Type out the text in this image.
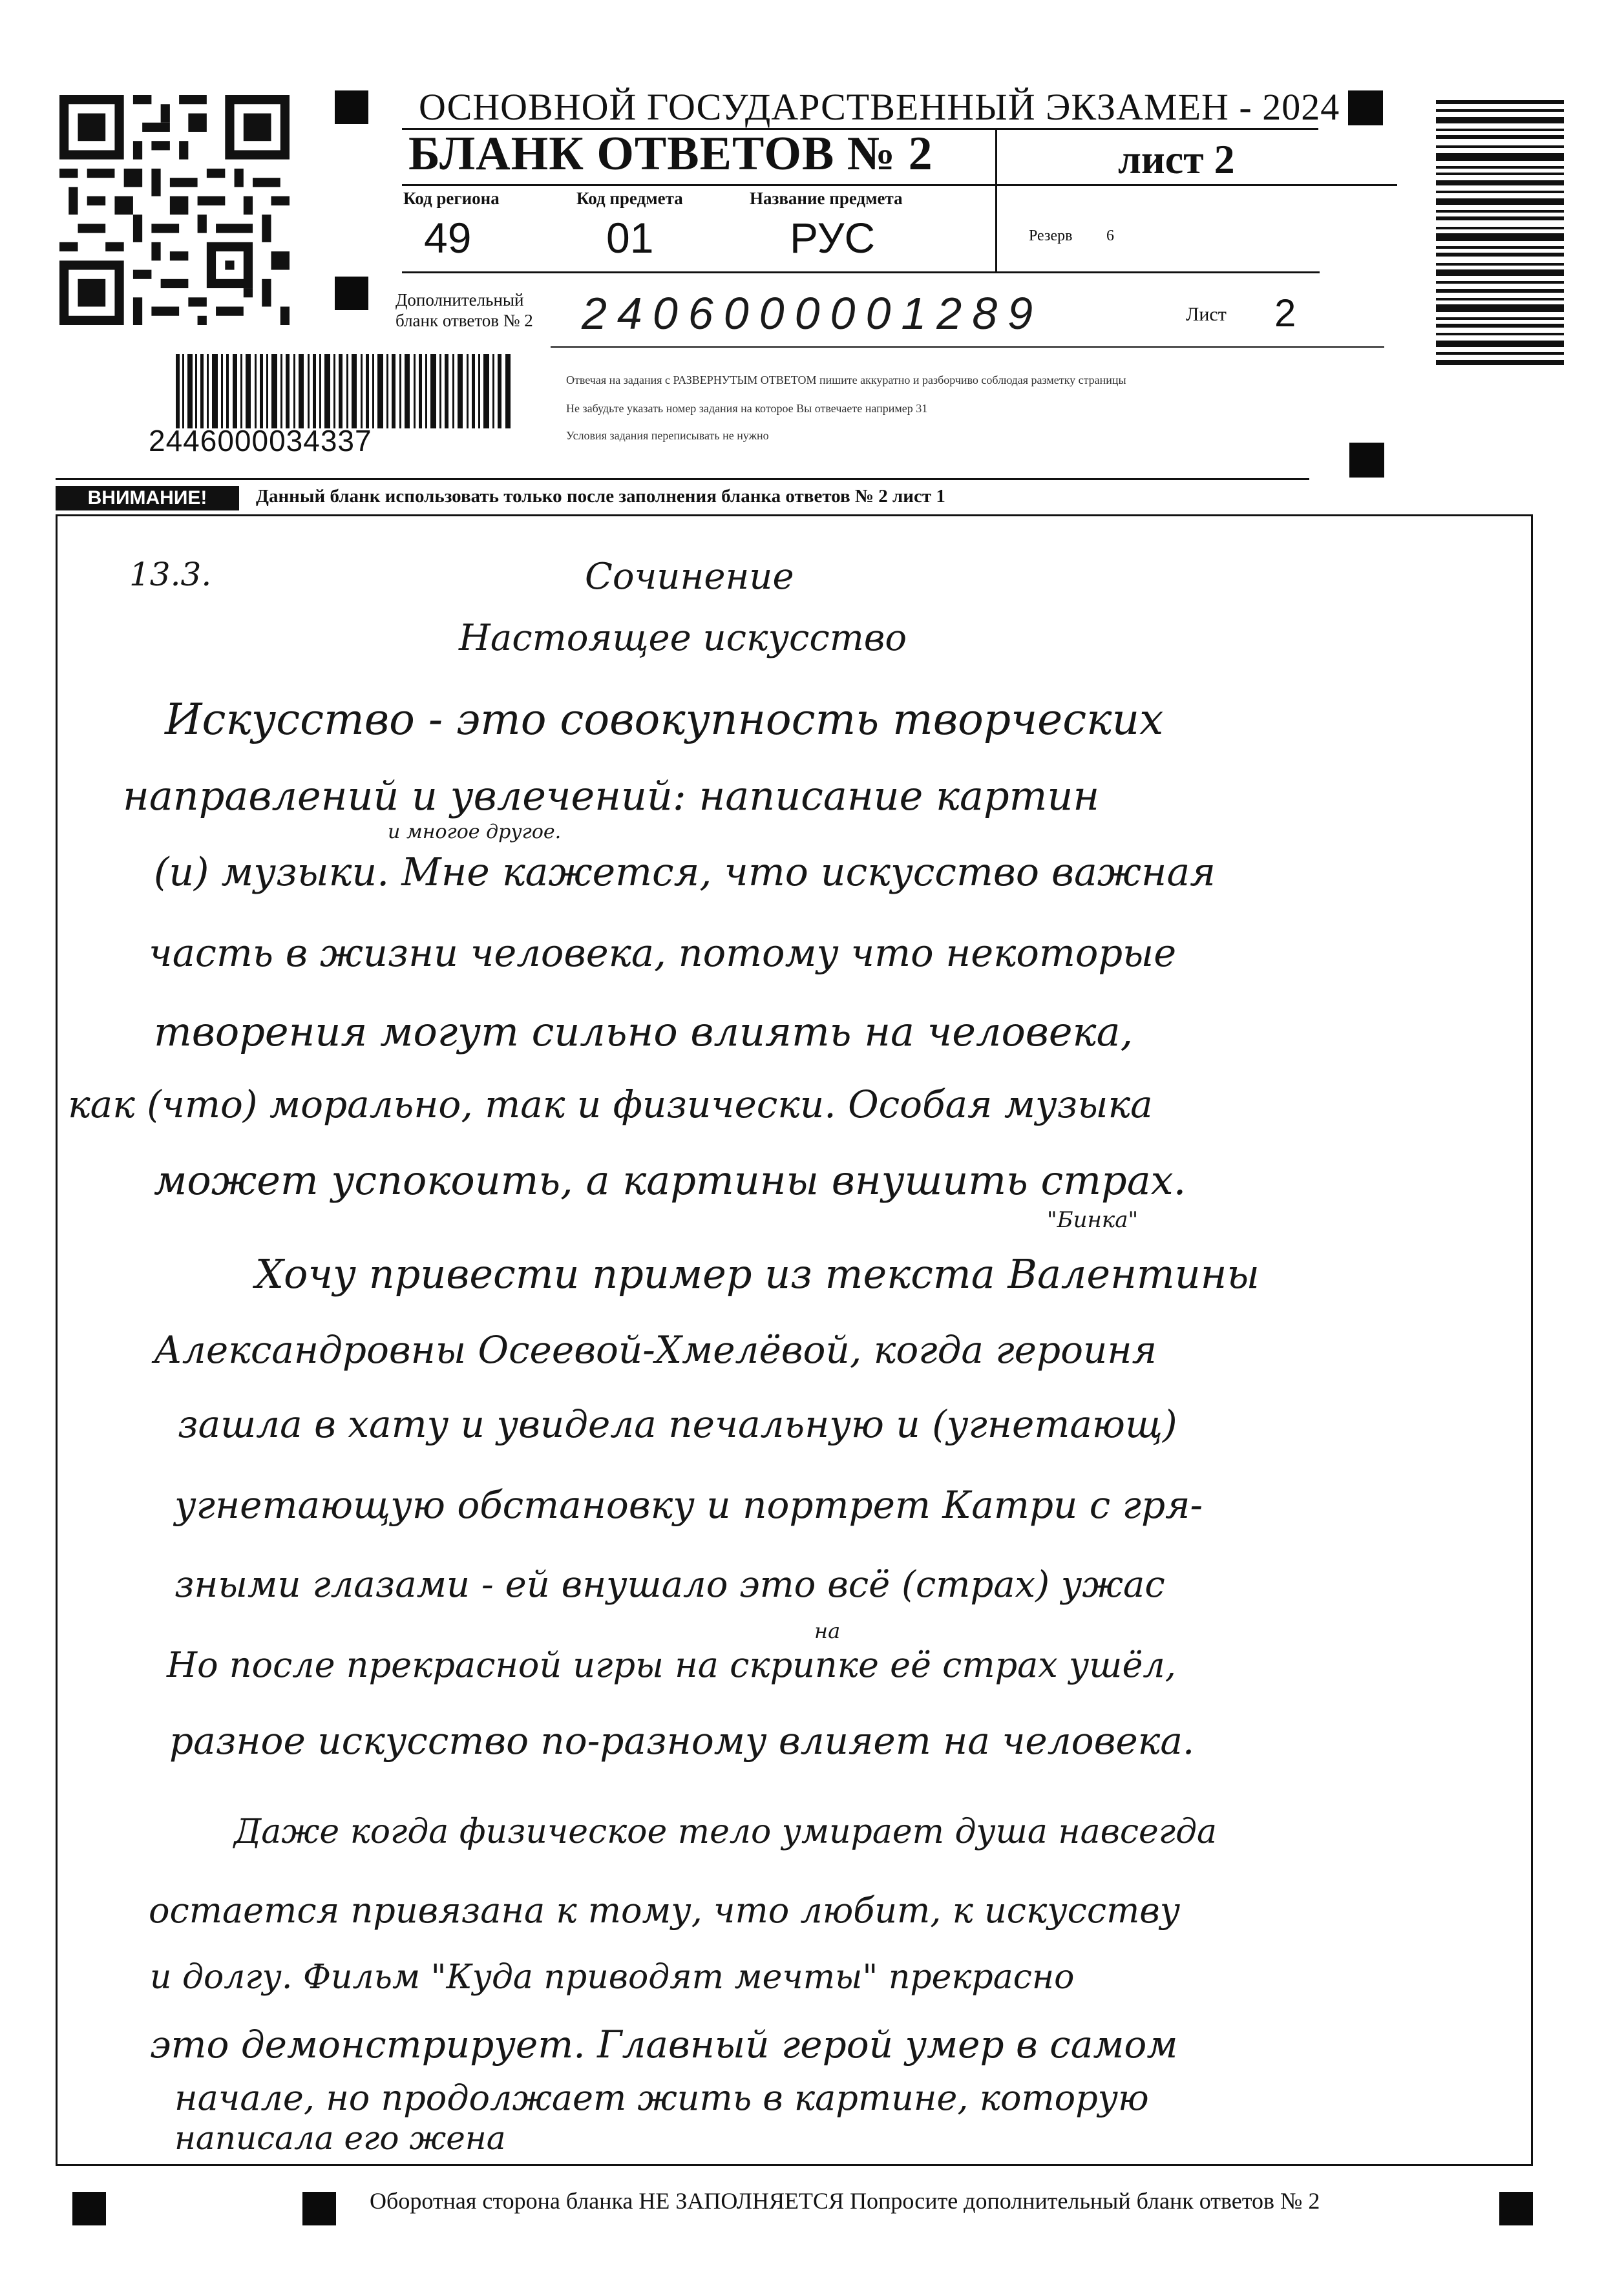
ОСНОВНОЙ ГОСУДАРСТВЕННЫЙ ЭКЗАМЕН - 2024
БЛАНК ОТВЕТОВ № 2	лист 2
Код региона
49
Код предмета
01
Название предмета
РУС	Резерв 6
Дополнительный
бланк ответов № 2 2406000001289	Лист 2
2446000034337
Отвечая на задания с РАЗВЕРНУТЫМ ОТВЕТОМ пишите аккуратно и разборчиво соблюдая разметку страницы
Не забудьте указать номер задания на которое Вы отвечаете например 31
Условия задания переписывать не нужно
ВНИМАНИЕ!	Данный бланк использовать только после заполнения бланка ответов № 2 лист 1
13.3.	Сочинение
Настоящее искусство
и многое другое.
"Бинка"
на
Искусство - это совокупность творческих
направлений и увлечений: написание картин
(и) музыки. Мне кажется, что искусство важная
часть в жизни человека, потому что некоторые
творения могут сильно влиять на человека,
как (что) морально, так и физически. Особая музыка
может успокоить, а картины внушить страх.
Хочу привести пример из текста Валентины
Александровны Осеевой-Хмелёвой, когда героиня
зашла в хату и увидела печальную и (угнетающ)
угнетающую обстановку и портрет Катри с гря-
зными глазами - ей внушало это всё (страх) ужас
Но после прекрасной игры на скрипке её страх ушёл,
разное искусство по-разному влияет на человека.
Даже когда физическое тело умирает душа навсегда
остается привязана к тому, что любит, к искусству
и долгу. Фильм "Куда приводят мечты" прекрасно
это демонстрирует. Главный герой умер в самом
начале, но продолжает жить в картине, которую
написала его жена
Оборотная сторона бланка НЕ ЗАПОЛНЯЕТСЯ Попросите дополнительный бланк ответов № 2
